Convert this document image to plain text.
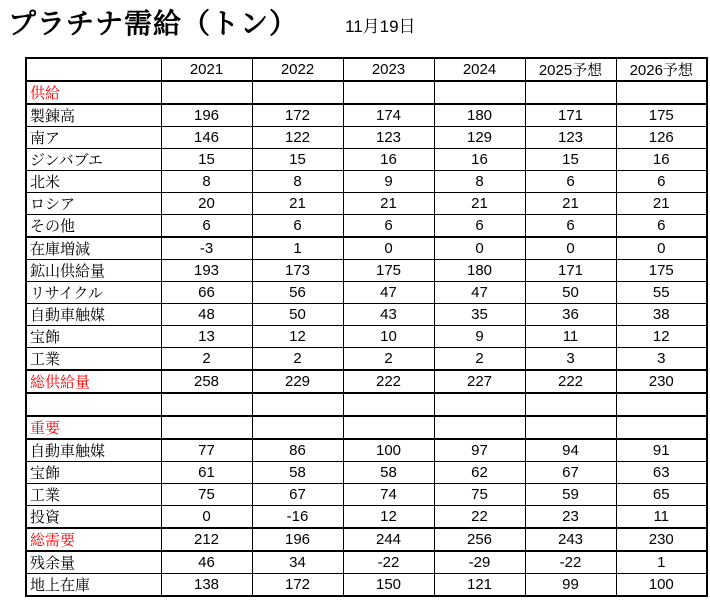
プラチナ需給（トン）	11月19日
	2021	2022	2023	2024	2025予想	2026予想
供給						
製錬高	196	172	174	180	171	175
南ア	146	122	123	129	123	126
ジンバブエ	15	15	16	16	15	16
北米	8	8	9	8	6	6
ロシア	20	21	21	21	21	21
その他	6	6	6	6	6	6
在庫増減	-3	1	0	0	0	0
鉱山供給量	193	173	175	180	171	175
リサイクル	66	56	47	47	50	55
自動車触媒	48	50	43	35	36	38
宝飾	13	12	10	9	11	12
工業	2	2	2	2	3	3
総供給量	258	229	222	227	222	230

重要						
自動車触媒	77	86	100	97	94	91
宝飾	61	58	58	62	67	63
工業	75	67	74	75	59	65
投資	0	-16	12	22	23	11
総需要	212	196	244	256	243	230
残余量	46	34	-22	-29	-22	1
地上在庫	138	172	150	121	99	100
